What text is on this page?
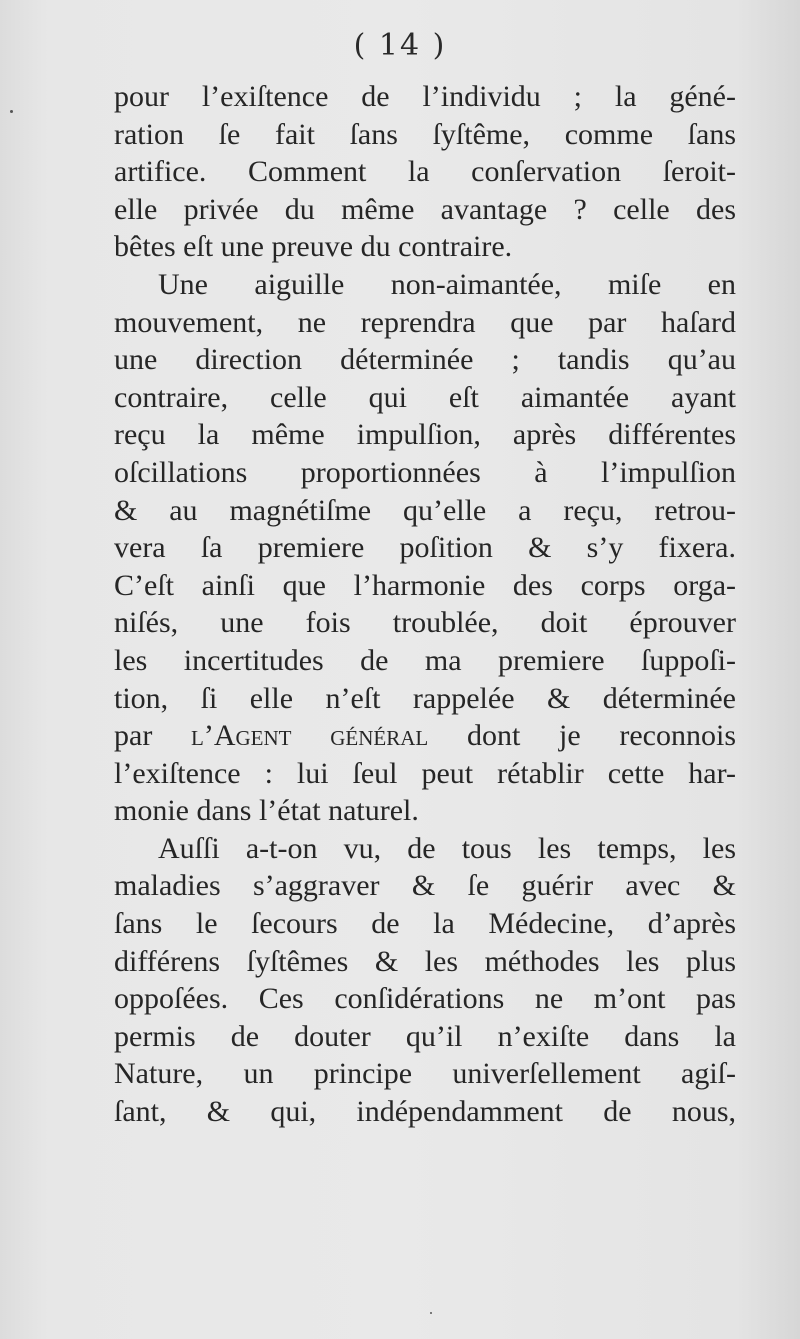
( 14 )
pour l’exiſtence de l’individu ; la géné-
ration ſe fait ſans ſyſtême, comme ſans
artifice. Comment la conſervation ſeroit-
elle privée du même avantage ? celle des
bêtes eſt une preuve du contraire.
Une aiguille non-aimantée, miſe en
mouvement, ne reprendra que par haſard
une direction déterminée ; tandis qu’au
contraire, celle qui eſt aimantée ayant
reçu la même impulſion, après différentes
oſcillations proportionnées à l’impulſion
& au magnétiſme qu’elle a reçu, retrou-
vera ſa premiere poſition & s’y fixera.
C’eſt ainſi que l’harmonie des corps orga-
niſés, une fois troublée, doit éprouver
les incertitudes de ma premiere ſuppoſi-
tion, ſi elle n’eſt rappelée & déterminée
par l’Agent général dont je reconnois
l’exiſtence : lui ſeul peut rétablir cette har-
monie dans l’état naturel.
Auſſi a-t-on vu, de tous les temps, les
maladies s’aggraver & ſe guérir avec &
ſans le ſecours de la Médecine, d’après
différens ſyſtêmes & les méthodes les plus
oppoſées. Ces conſidérations ne m’ont pas
permis de douter qu’il n’exiſte dans la
Nature, un principe univerſellement agiſ-
ſant, & qui, indépendamment de nous,
